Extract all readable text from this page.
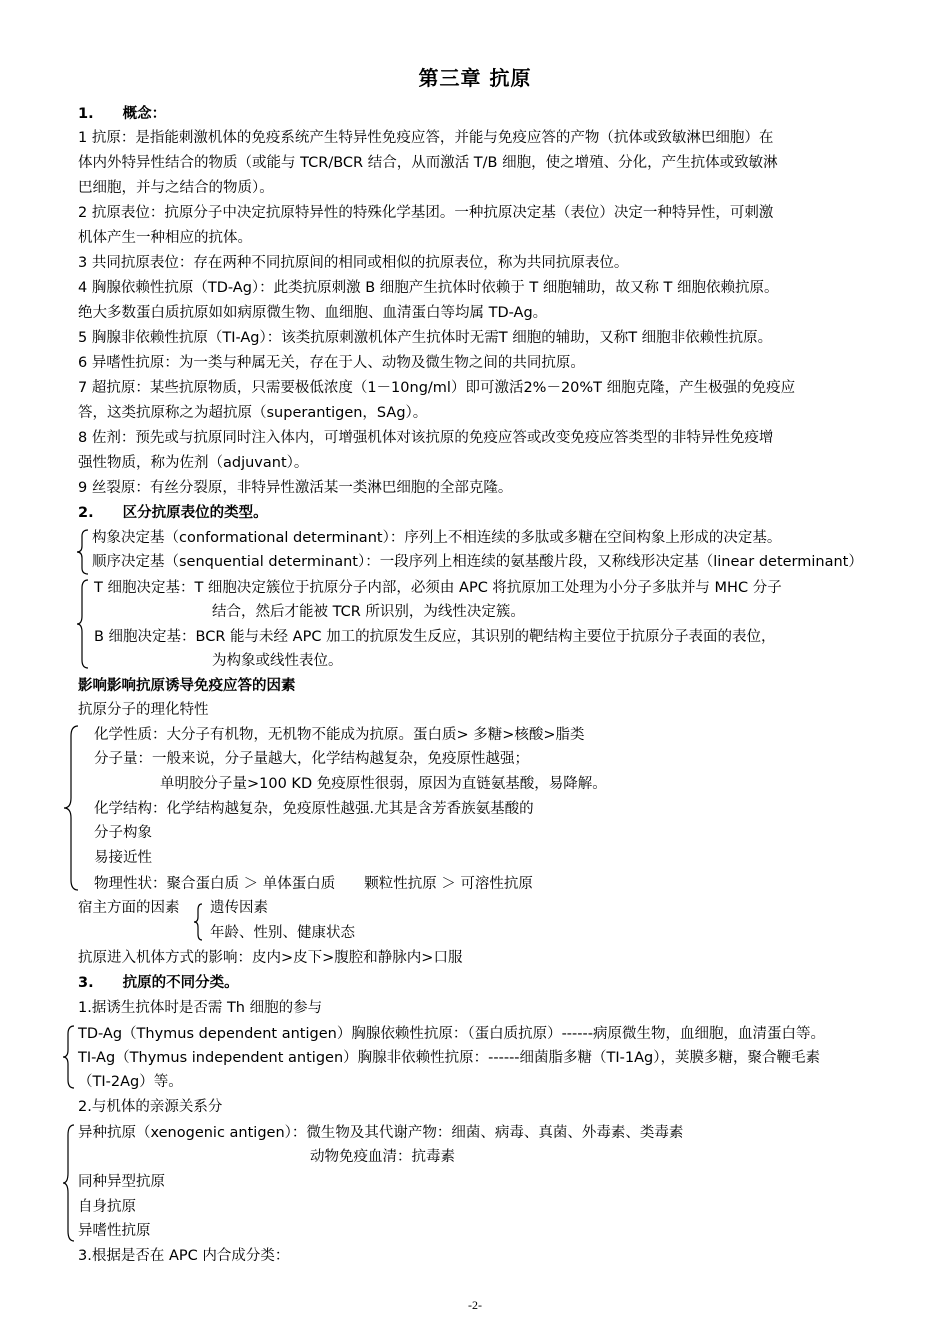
第三章 抗原
1.　　概念：
1 抗原：是指能刺激机体的免疫系统产生特异性免疫应答，并能与免疫应答的产物（抗体或致敏淋巴细胞）在
体内外特异性结合的物质（或能与 TCR/BCR 结合，从而激活 T/B 细胞，使之增殖、分化，产生抗体或致敏淋
巴细胞，并与之结合的物质）。
2 抗原表位：抗原分子中决定抗原特异性的特殊化学基团。一种抗原决定基（表位）决定一种特异性，可刺激
机体产生一种相应的抗体。
3 共同抗原表位：存在两种不同抗原间的相同或相似的抗原表位，称为共同抗原表位。
4 胸腺依赖性抗原（TD-Ag）：此类抗原刺激 B 细胞产生抗体时依赖于 T 细胞辅助，故又称 T 细胞依赖抗原。
绝大多数蛋白质抗原如如病原微生物、血细胞、血清蛋白等均属 TD-Ag。
5 胸腺非依赖性抗原（TI-Ag）：该类抗原刺激机体产生抗体时无需T 细胞的辅助，又称T 细胞非依赖性抗原。
6 异嗜性抗原：为一类与种属无关，存在于人、动物及微生物之间的共同抗原。
7 超抗原：某些抗原物质，只需要极低浓度（1－10ng/ml）即可激活2%－20%T 细胞克隆，产生极强的免疫应
答，这类抗原称之为超抗原（superantigen，SAg）。
8 佐剂：预先或与抗原同时注入体内，可增强机体对该抗原的免疫应答或改变免疫应答类型的非特异性免疫增
强性物质，称为佐剂（adjuvant）。
9 丝裂原：有丝分裂原，非特异性激活某一类淋巴细胞的全部克隆。
2.　　区分抗原表位的类型。
构象决定基（conformational determinant）：序列上不相连续的多肽或多糖在空间构象上形成的决定基。
顺序决定基（senquential determinant）：一段序列上相连续的氨基酸片段，又称线形决定基（linear determinant）
T 细胞决定基：T 细胞决定簇位于抗原分子内部，必须由 APC 将抗原加工处理为小分子多肽并与 MHC 分子
结合，然后才能被 TCR 所识别，为线性决定簇。
B 细胞决定基：BCR 能与未经 APC 加工的抗原发生反应，其识别的靶结构主要位于抗原分子表面的表位，
为构象或线性表位。
影响影响抗原诱导免疫应答的因素
抗原分子的理化特性
化学性质：大分子有机物，无机物不能成为抗原。蛋白质> 多糖>核酸>脂类
分子量：一般来说，分子量越大，化学结构越复杂，免疫原性越强；
单明胶分子量>100 KD 免疫原性很弱，原因为直链氨基酸，易降解。
化学结构：化学结构越复杂，免疫原性越强.尤其是含芳香族氨基酸的
分子构象
易接近性
物理性状：聚合蛋白质 ＞ 单体蛋白质　　颗粒性抗原 ＞ 可溶性抗原
宿主方面的因素 遗传因素
年龄、性别、健康状态
抗原进入机体方式的影响：皮内>皮下>腹腔和静脉内>口服
3.　　抗原的不同分类。
1.据诱生抗体时是否需 Th 细胞的参与
TD-Ag（Thymus dependent antigen）胸腺依赖性抗原：（蛋白质抗原）------病原微生物，血细胞，血清蛋白等。
TI-Ag（Thymus independent antigen）胸腺非依赖性抗原：------细菌脂多糖（TI-1Ag），荚膜多糖，聚合鞭毛素
（TI-2Ag）等。
2.与机体的亲源关系分
异种抗原（xenogenic antigen）：微生物及其代谢产物：细菌、病毒、真菌、外毒素、类毒素
动物免疫血清：抗毒素
同种异型抗原
自身抗原
异嗜性抗原
3.根据是否在 APC 内合成分类：
-2-
